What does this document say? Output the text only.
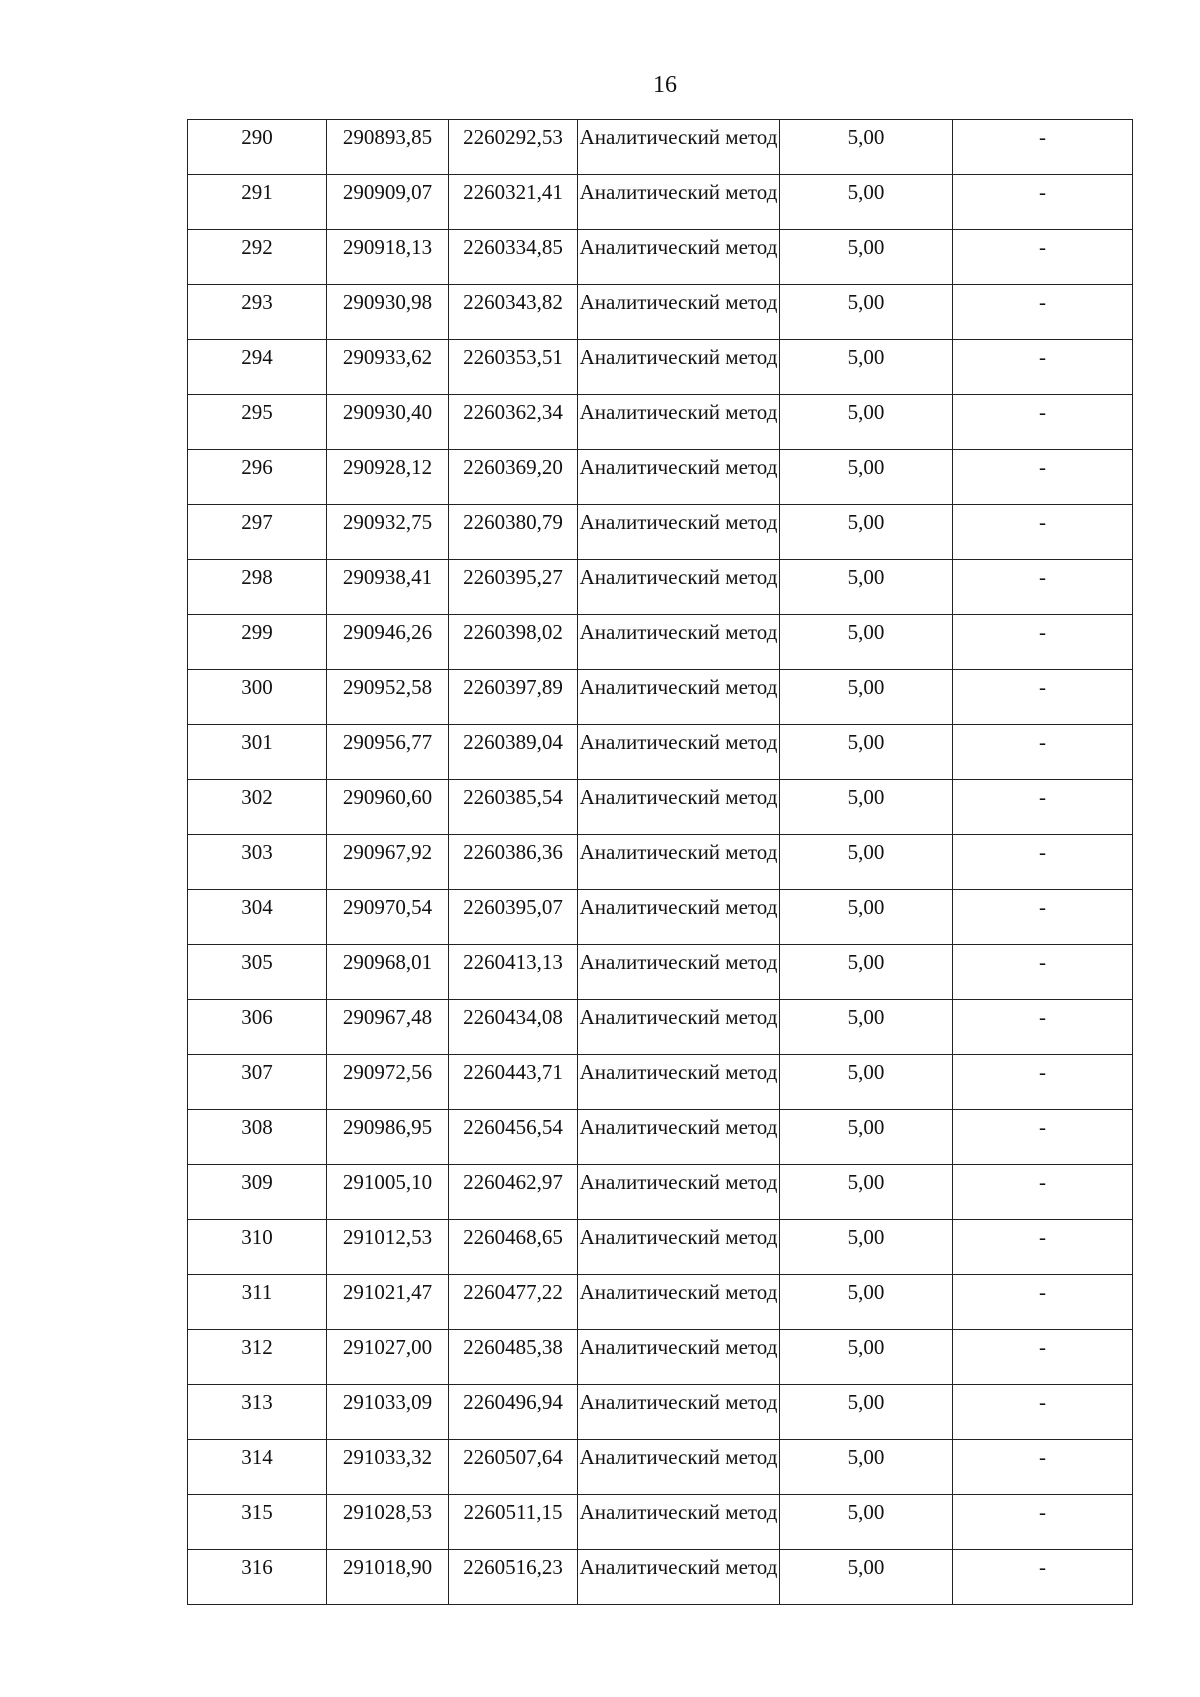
16
290	290893,85	2260292,53	Аналитический метод	5,00	-
291	290909,07	2260321,41	Аналитический метод	5,00	-
292	290918,13	2260334,85	Аналитический метод	5,00	-
293	290930,98	2260343,82	Аналитический метод	5,00	-
294	290933,62	2260353,51	Аналитический метод	5,00	-
295	290930,40	2260362,34	Аналитический метод	5,00	-
296	290928,12	2260369,20	Аналитический метод	5,00	-
297	290932,75	2260380,79	Аналитический метод	5,00	-
298	290938,41	2260395,27	Аналитический метод	5,00	-
299	290946,26	2260398,02	Аналитический метод	5,00	-
300	290952,58	2260397,89	Аналитический метод	5,00	-
301	290956,77	2260389,04	Аналитический метод	5,00	-
302	290960,60	2260385,54	Аналитический метод	5,00	-
303	290967,92	2260386,36	Аналитический метод	5,00	-
304	290970,54	2260395,07	Аналитический метод	5,00	-
305	290968,01	2260413,13	Аналитический метод	5,00	-
306	290967,48	2260434,08	Аналитический метод	5,00	-
307	290972,56	2260443,71	Аналитический метод	5,00	-
308	290986,95	2260456,54	Аналитический метод	5,00	-
309	291005,10	2260462,97	Аналитический метод	5,00	-
310	291012,53	2260468,65	Аналитический метод	5,00	-
311	291021,47	2260477,22	Аналитический метод	5,00	-
312	291027,00	2260485,38	Аналитический метод	5,00	-
313	291033,09	2260496,94	Аналитический метод	5,00	-
314	291033,32	2260507,64	Аналитический метод	5,00	-
315	291028,53	2260511,15	Аналитический метод	5,00	-
316	291018,90	2260516,23	Аналитический метод	5,00	-
